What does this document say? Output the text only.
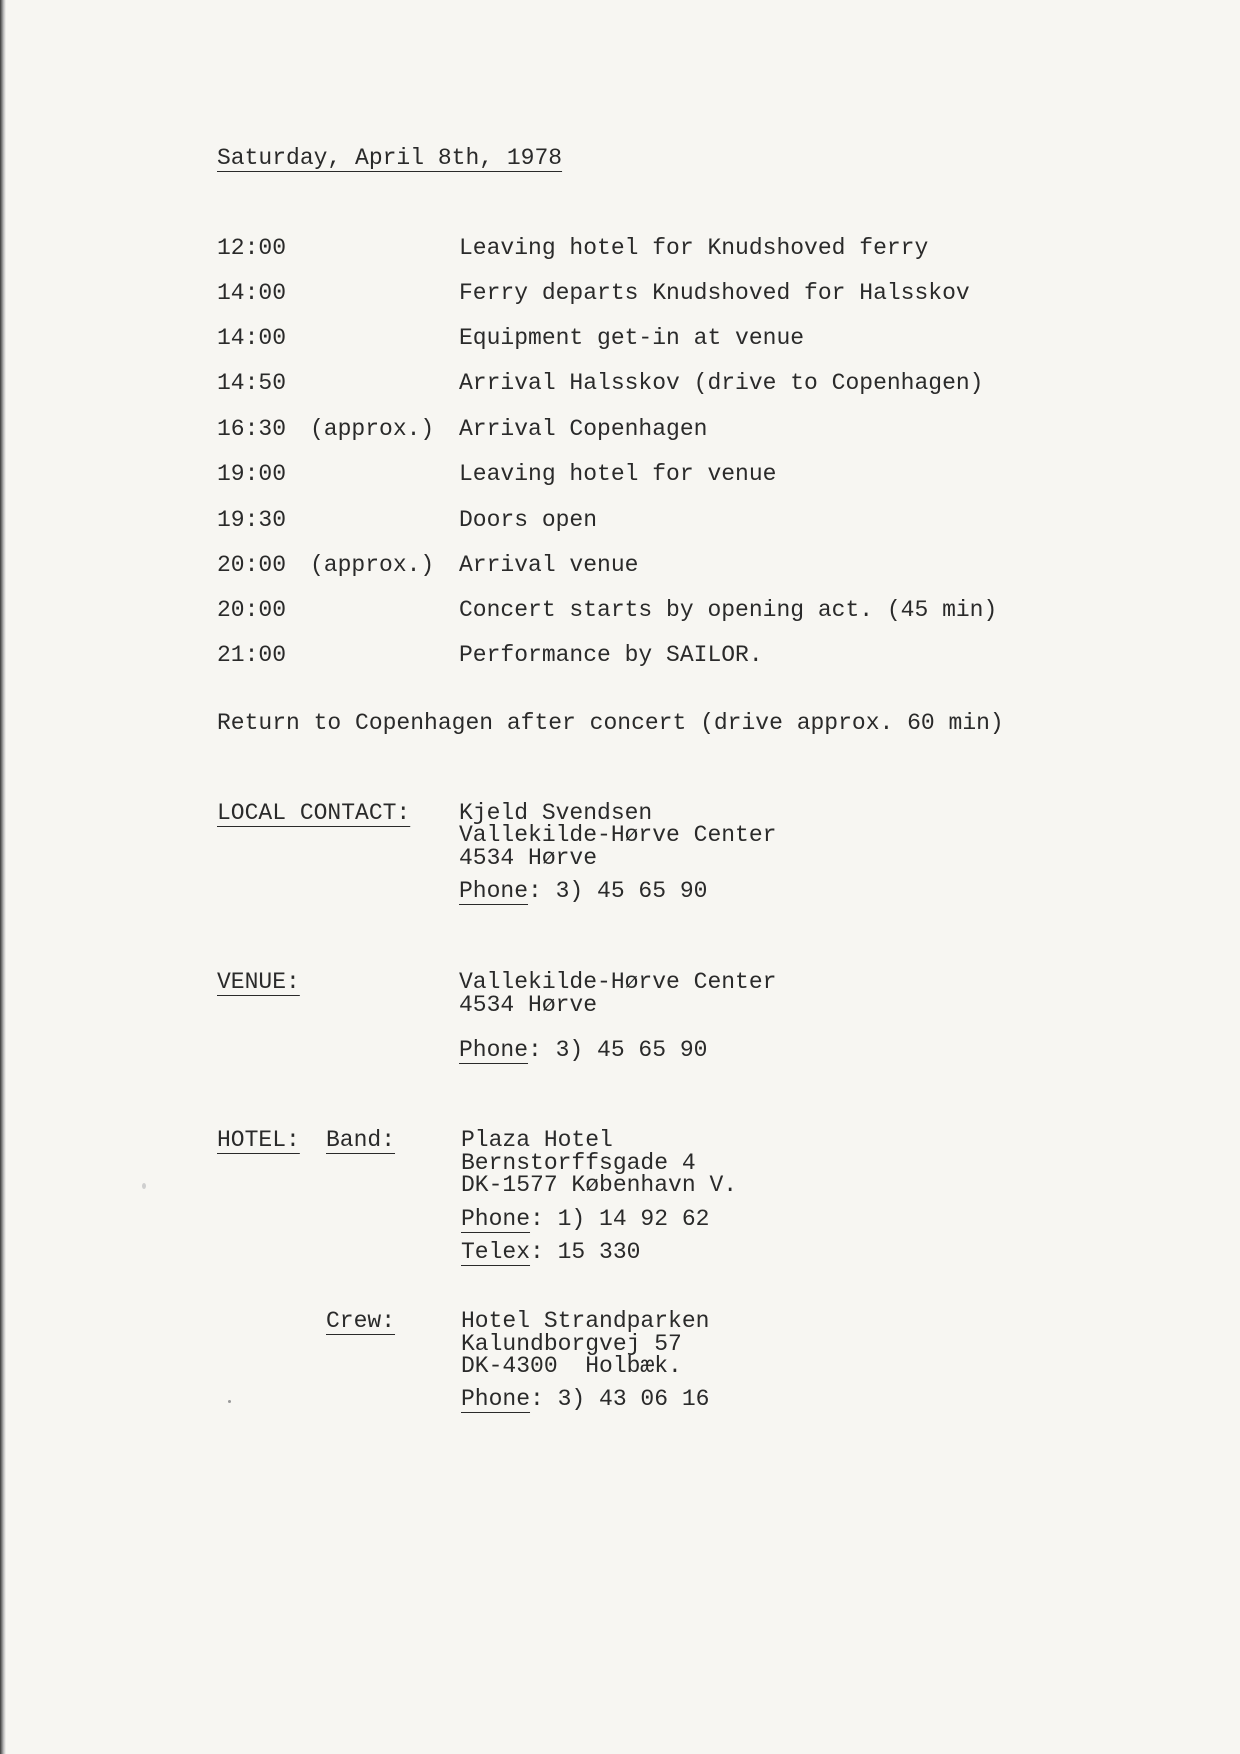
Saturday, April 8th, 1978
12:00	Leaving hotel for Knudshoved ferry
14:00	Ferry departs Knudshoved for Halsskov
14:00	Equipment get-in at venue
14:50	Arrival Halsskov (drive to Copenhagen)
16:30 (approx.) Arrival Copenhagen
19:00	Leaving hotel for venue
19:30	Doors open
20:00 (approx.) Arrival venue
20:00	Concert starts by opening act. (45 min)
21:00	Performance by SAILOR.
Return to Copenhagen after concert (drive approx. 60 min)
LOCAL CONTACT: Kjeld Svendsen
Vallekilde-Hørve Center
4534 Hørve
Phone: 3) 45 65 90
VENUE:	Vallekilde-Hørve Center
4534 Hørve
Phone: 3) 45 65 90
HOTEL: Band:	Plaza Hotel
Bernstorffsgade 4
DK-1577 København V.
Phone: 1) 14 92 62
Telex: 15 330
Crew:	Hotel Strandparken
Kalundborgvej 57
DK-4300  Holbæk.
Phone: 3) 43 06 16
